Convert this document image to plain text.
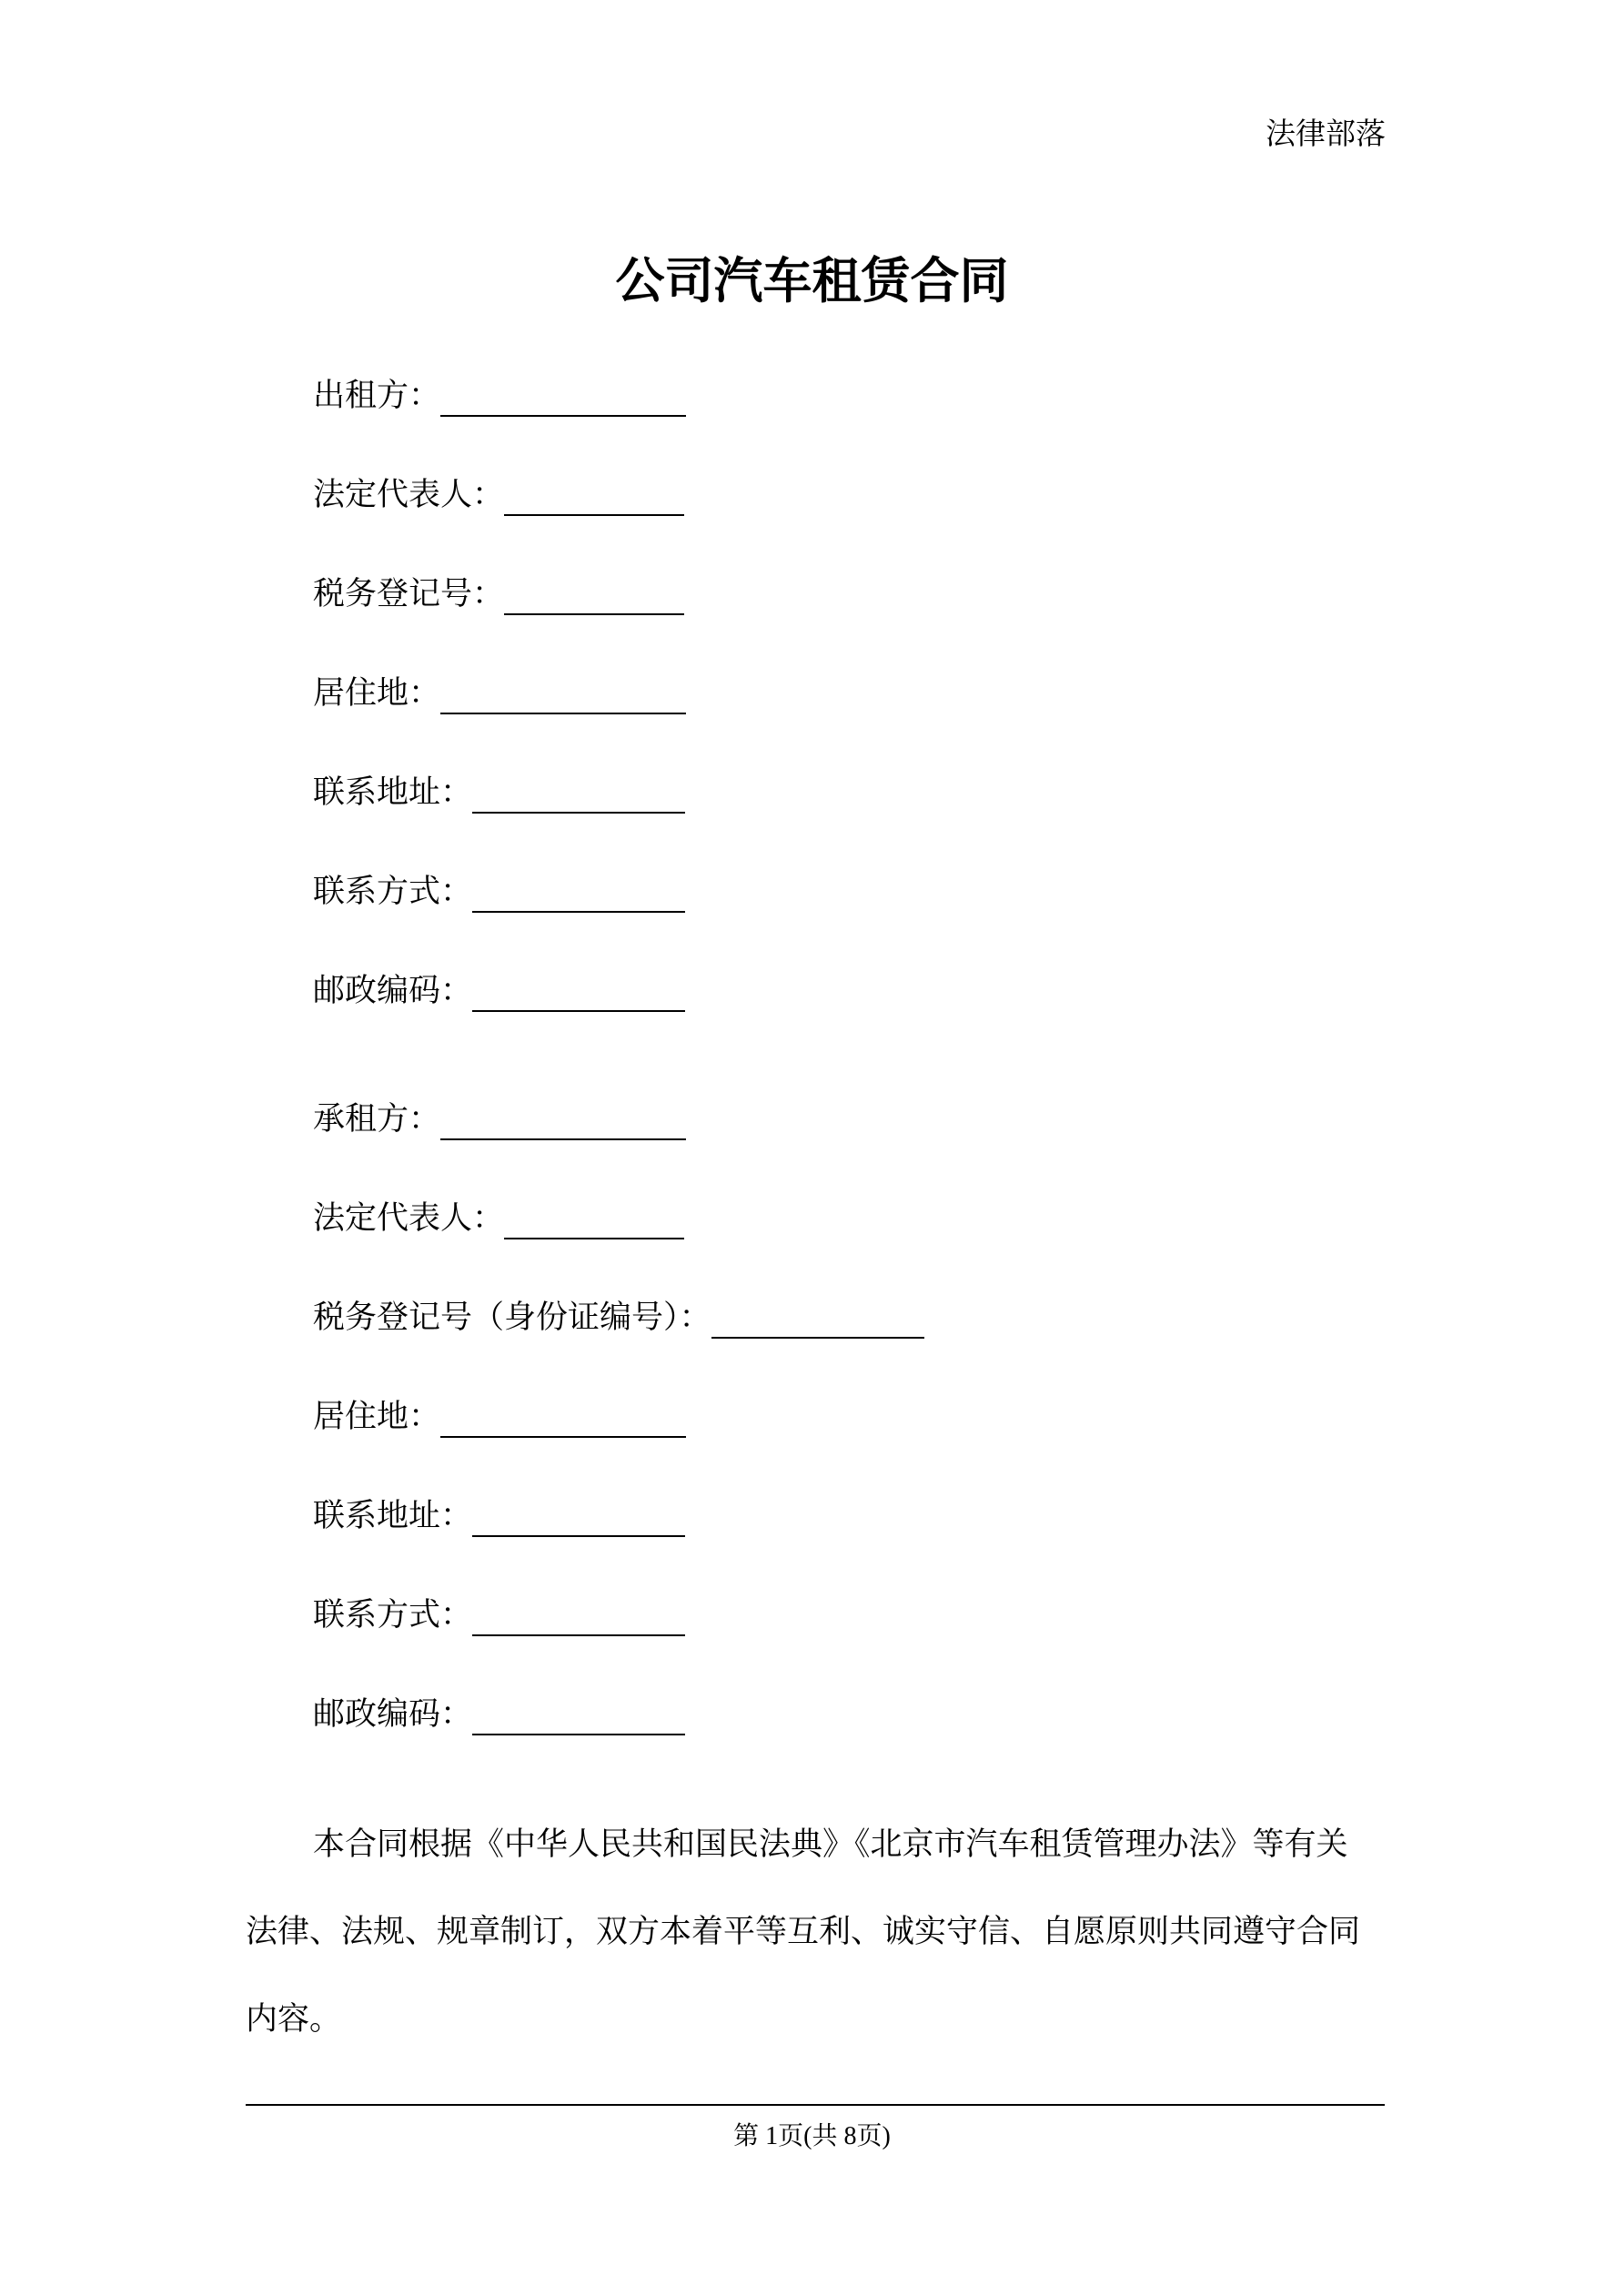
法律部落
公司汽车租赁合同
出租方：
法定代表人：
税务登记号：
居住地：
联系地址：
联系方式：
邮政编码：
承租方：
法定代表人：
税务登记号（身份证编号）：
居住地：
联系地址：
联系方式：
邮政编码：
本合同根据《中华人民共和国民法典》《北京市汽车租赁管理办法》等有关
法律、法规、规章制订，双方本着平等互利、诚实守信、自愿原则共同遵守合同
内容。
第 1页(共 8页)
